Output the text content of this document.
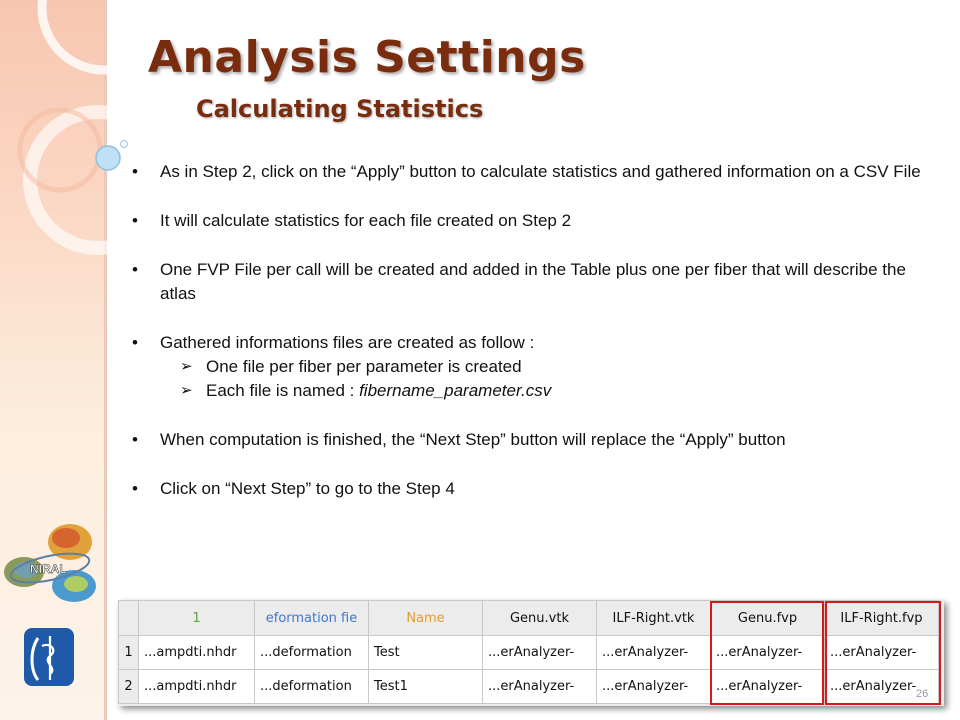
Analysis Settings
Calculating Statistics
• As in Step 2, click on the “Apply” button to calculate statistics and gathered information on a CSV File
• It will calculate statistics for each file created on Step 2
• One FVP File per call will be created and added in the Table plus one per fiber that will describe the atlas
• Gathered informations files are created as follow :
➢ One file per fiber per parameter is created
➢ Each file is named : fibername_parameter.csv
• When computation is finished, the “Next Step” button will replace the “Apply” button
• Click on “Next Step” to go to the Step 4
NIRAL
	1	eformation fie	Name	Genu.vtk	ILF-Right.vtk	Genu.fvp	ILF-Right.fvp
1	...ampdti.nhdr	...deformation	Test	...erAnalyzer-	...erAnalyzer-	...erAnalyzer-	...erAnalyzer-
2	...ampdti.nhdr	...deformation	Test1	...erAnalyzer-	...erAnalyzer-	...erAnalyzer-	...erAnalyzer- 26
